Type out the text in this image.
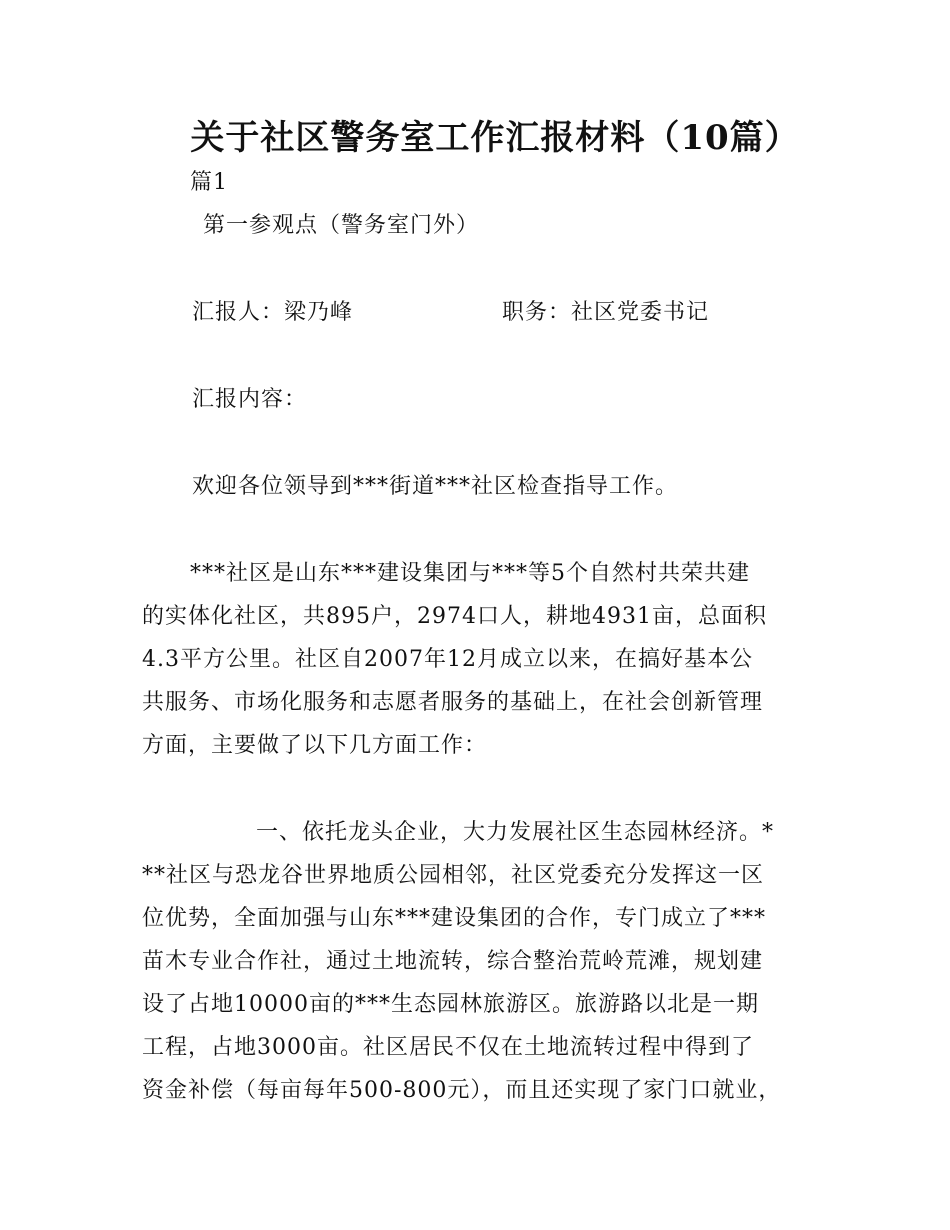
关于社区警务室工作汇报材料（10篇）
篇1
第一参观点（警务室门外）
汇报人：梁乃峰	职务：社区党委书记
汇报内容：
欢迎各位领导到***街道***社区检查指导工作。
***社区是山东***建设集团与***等5个自然村共荣共建
的实体化社区，共895户，2974口人，耕地4931亩，总面积
4.3平方公里。社区自2007年12月成立以来，在搞好基本公
共服务、市场化服务和志愿者服务的基础上，在社会创新管理
方面，主要做了以下几方面工作：
一、依托龙头企业，大力发展社区生态园林经济。*
**社区与恐龙谷世界地质公园相邻，社区党委充分发挥这一区
位优势，全面加强与山东***建设集团的合作，专门成立了***
苗木专业合作社，通过土地流转，综合整治荒岭荒滩，规划建
设了占地10000亩的***生态园林旅游区。旅游路以北是一期
工程，占地3000亩。社区居民不仅在土地流转过程中得到了
资金补偿（每亩每年500-800元），而且还实现了家门口就业，
